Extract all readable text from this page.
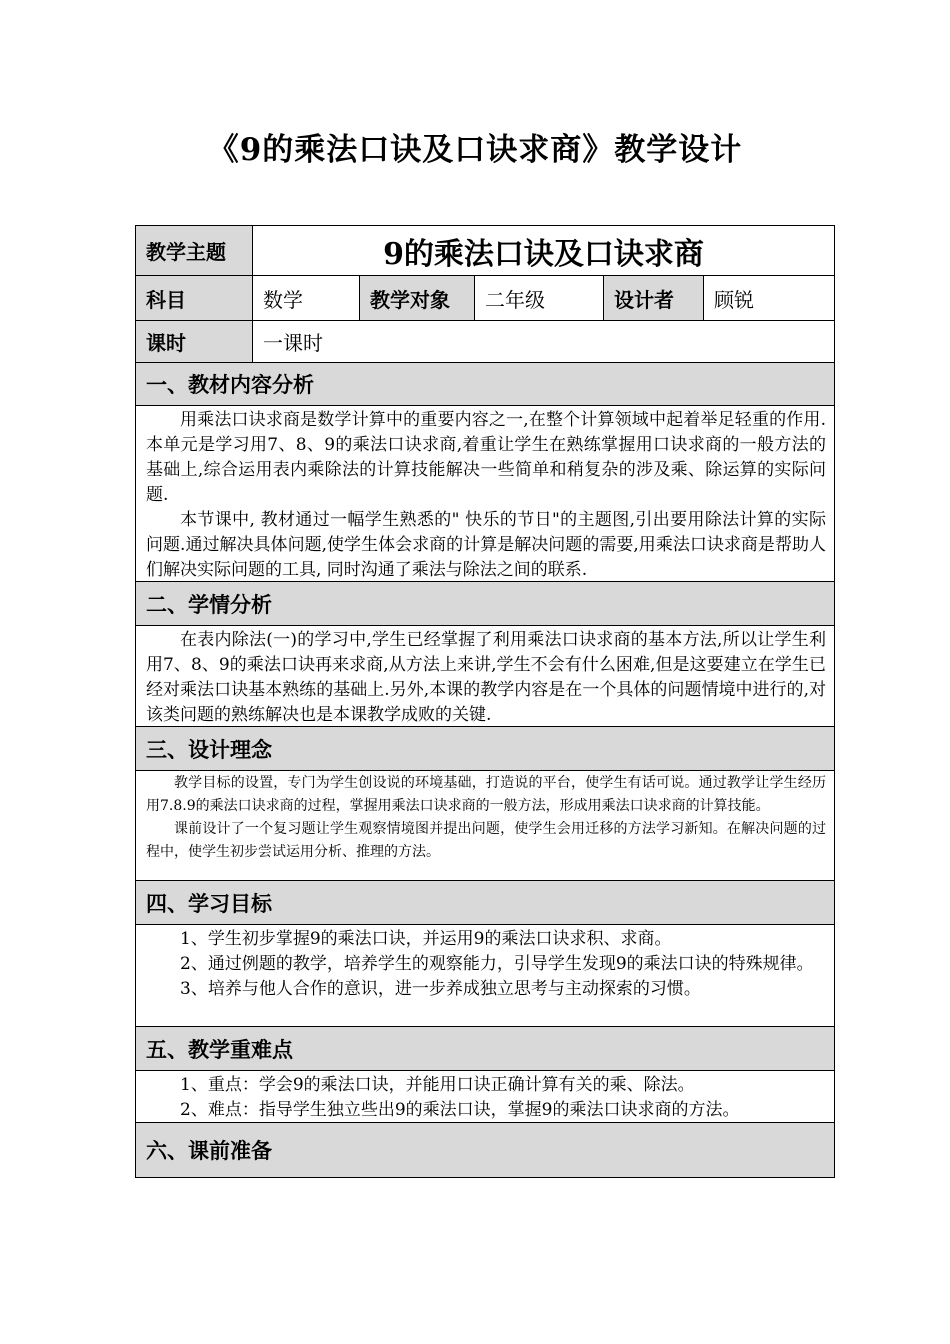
《9的乘法口诀及口诀求商》教学设计
教学主题	9的乘法口诀及口诀求商
科目	数学	教学对象	二年级	设计者	顾锐
课时	一课时
一、教材内容分析

用乘法口诀求商是数学计算中的重要内容之一,在整个计算领域中起着举足轻重的作用.本单元是学习用7、8、9的乘法口诀求商,着重让学生在熟练掌握用口诀求商的一般方法的基础上,综合运用表内乘除法的计算技能解决一些简单和稍复杂的涉及乘、除运算的实际问题.

本节课中, 教材通过一幅学生熟悉的" 快乐的节日"的主题图,引出要用除法计算的实际问题.通过解决具体问题,使学生体会求商的计算是解决问题的需要,用乘法口诀求商是帮助人们解决实际问题的工具, 同时沟通了乘法与除法之间的联系.

二、学情分析

在表内除法(一)的学习中,学生已经掌握了利用乘法口诀求商的基本方法,所以让学生利用7、8、9的乘法口诀再来求商,从方法上来讲,学生不会有什么困难,但是这要建立在学生已经对乘法口诀基本熟练的基础上.另外,本课的教学内容是在一个具体的问题情境中进行的,对该类问题的熟练解决也是本课教学成败的关键.

三、设计理念

教学目标的设置，专门为学生创设说的环境基础，打造说的平台，使学生有话可说。通过教学让学生经历用7.8.9的乘法口诀求商的过程，掌握用乘法口诀求商的一般方法，形成用乘法口诀求商的计算技能。

课前设计了一个复习题让学生观察情境图并提出问题，使学生会用迁移的方法学习新知。在解决问题的过程中，使学生初步尝试运用分析、推理的方法。

四、学习目标

1、学生初步掌握9的乘法口诀，并运用9的乘法口诀求积、求商。

2、通过例题的教学，培养学生的观察能力，引导学生发现9的乘法口诀的特殊规律。

3、培养与他人合作的意识，进一步养成独立思考与主动探索的习惯。

五、教学重难点

1、重点：学会9的乘法口诀，并能用口诀正确计算有关的乘、除法。

2、难点：指导学生独立些出9的乘法口诀，掌握9的乘法口诀求商的方法。

六、课前准备
